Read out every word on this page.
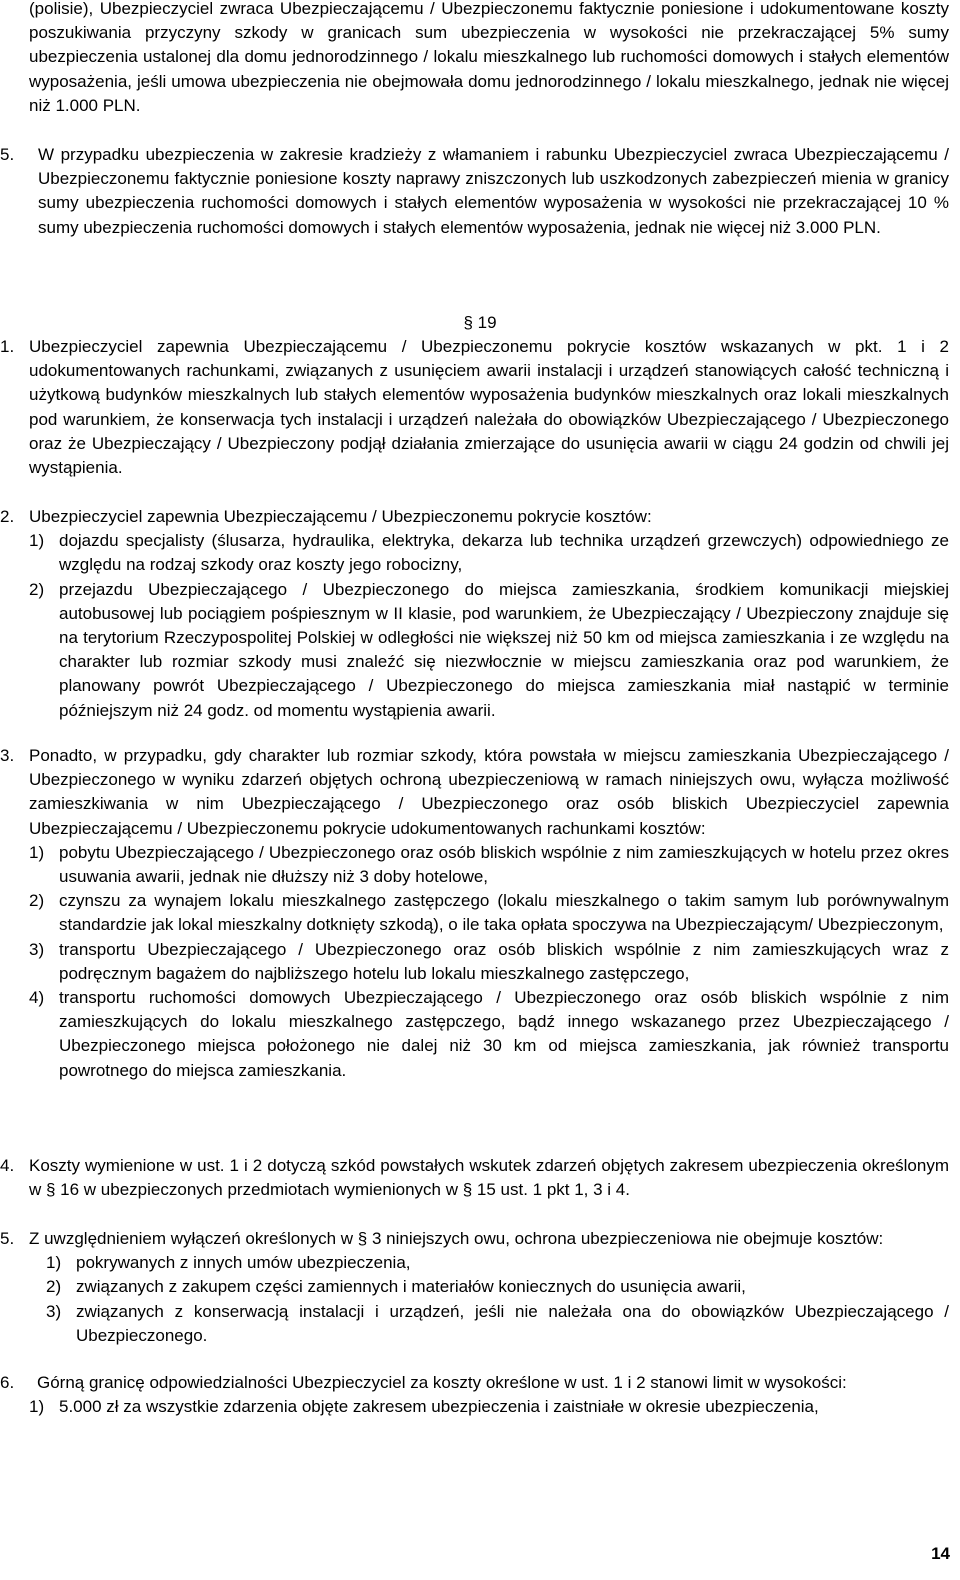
(polisie), Ubezpieczyciel zwraca Ubezpieczającemu / Ubezpieczonemu faktycznie poniesione i udokumentowane koszty poszukiwania przyczyny szkody w granicach sum ubezpieczenia w wysokości nie przekraczającej 5% sumy ubezpieczenia ustalonej dla domu jednorodzinnego / lokalu mieszkalnego lub ruchomości domowych i stałych elementów wyposażenia, jeśli umowa ubezpieczenia nie obejmowała domu jednorodzinnego / lokalu mieszkalnego, jednak nie więcej niż 1.000 PLN.

5. W przypadku ubezpieczenia w zakresie kradzieży z włamaniem i rabunku Ubezpieczyciel zwraca Ubezpieczającemu / Ubezpieczonemu faktycznie poniesione koszty naprawy zniszczonych lub uszkodzonych zabezpieczeń mienia w granicy sumy ubezpieczenia ruchomości domowych i stałych elementów wyposażenia w wysokości nie przekraczającej 10 % sumy ubezpieczenia ruchomości domowych i stałych elementów wyposażenia, jednak nie więcej niż 3.000 PLN.

§ 19
1. Ubezpieczyciel zapewnia Ubezpieczającemu / Ubezpieczonemu pokrycie kosztów wskazanych w pkt. 1 i 2 udokumentowanych rachunkami, związanych z usunięciem awarii instalacji i urządzeń stanowiących całość techniczną i użytkową budynków mieszkalnych lub stałych elementów wyposażenia budynków mieszkalnych oraz lokali mieszkalnych pod warunkiem, że konserwacja tych instalacji i urządzeń należała do obowiązków Ubezpieczającego / Ubezpieczonego oraz że Ubezpieczający / Ubezpieczony podjął działania zmierzające do usunięcia awarii w ciągu 24 godzin od chwili jej wystąpienia.

2. Ubezpieczyciel zapewnia Ubezpieczającemu / Ubezpieczonemu pokrycie kosztów:

1) dojazdu specjalisty (ślusarza, hydraulika, elektryka, dekarza lub technika urządzeń grzewczych) odpowiedniego ze względu na rodzaj szkody oraz koszty jego robocizny,

2) przejazdu Ubezpieczającego / Ubezpieczonego do miejsca zamieszkania, środkiem komunikacji miejskiej autobusowej lub pociągiem pośpiesznym w II klasie, pod warunkiem, że Ubezpieczający / Ubezpieczony znajduje się na terytorium Rzeczypospolitej Polskiej w odległości nie większej niż 50 km od miejsca zamieszkania i ze względu na charakter lub rozmiar szkody musi znaleźć się niezwłocznie w miejscu zamieszkania oraz pod warunkiem, że planowany powrót Ubezpieczającego / Ubezpieczonego do miejsca zamieszkania miał nastąpić w terminie późniejszym niż 24 godz. od momentu wystąpienia awarii.

3. Ponadto, w przypadku, gdy charakter lub rozmiar szkody, która powstała w miejscu zamieszkania Ubezpieczającego / Ubezpieczonego w wyniku zdarzeń objętych ochroną ubezpieczeniową w ramach niniejszych owu, wyłącza możliwość zamieszkiwania w nim Ubezpieczającego / Ubezpieczonego oraz osób bliskich Ubezpieczyciel zapewnia Ubezpieczającemu / Ubezpieczonemu pokrycie udokumentowanych rachunkami kosztów:

1) pobytu Ubezpieczającego / Ubezpieczonego oraz osób bliskich wspólnie z nim zamieszkujących w hotelu przez okres usuwania awarii, jednak nie dłuższy niż 3 doby hotelowe,

2) czynszu za wynajem lokalu mieszkalnego zastępczego (lokalu mieszkalnego o takim samym lub porównywalnym standardzie jak lokal mieszkalny dotknięty szkodą), o ile taka opłata spoczywa na Ubezpieczającym/ Ubezpieczonym,

3) transportu Ubezpieczającego / Ubezpieczonego oraz osób bliskich wspólnie z nim zamieszkujących wraz z podręcznym bagażem do najbliższego hotelu lub lokalu mieszkalnego zastępczego,

4) transportu ruchomości domowych Ubezpieczającego / Ubezpieczonego oraz osób bliskich wspólnie z nim zamieszkujących do lokalu mieszkalnego zastępczego, bądź innego wskazanego przez Ubezpieczającego / Ubezpieczonego miejsca położonego nie dalej niż 30 km od miejsca zamieszkania, jak również transportu powrotnego do miejsca zamieszkania.

4. Koszty wymienione w ust. 1 i 2 dotyczą szkód powstałych wskutek zdarzeń objętych zakresem ubezpieczenia określonym w § 16 w ubezpieczonych przedmiotach wymienionych w § 15 ust. 1 pkt 1, 3 i 4.

5. Z uwzględnieniem wyłączeń określonych w § 3 niniejszych owu, ochrona ubezpieczeniowa nie obejmuje kosztów:

1) pokrywanych z innych umów ubezpieczenia,

2) związanych z zakupem części zamiennych i materiałów koniecznych do usunięcia awarii,

3) związanych z konserwacją instalacji i urządzeń, jeśli nie należała ona do obowiązków Ubezpieczającego / Ubezpieczonego.

6. Górną granicę odpowiedzialności Ubezpieczyciel za koszty określone w ust. 1 i 2 stanowi limit w wysokości:

1) 5.000 zł za wszystkie zdarzenia objęte zakresem ubezpieczenia i zaistniałe w okresie ubezpieczenia,

14
